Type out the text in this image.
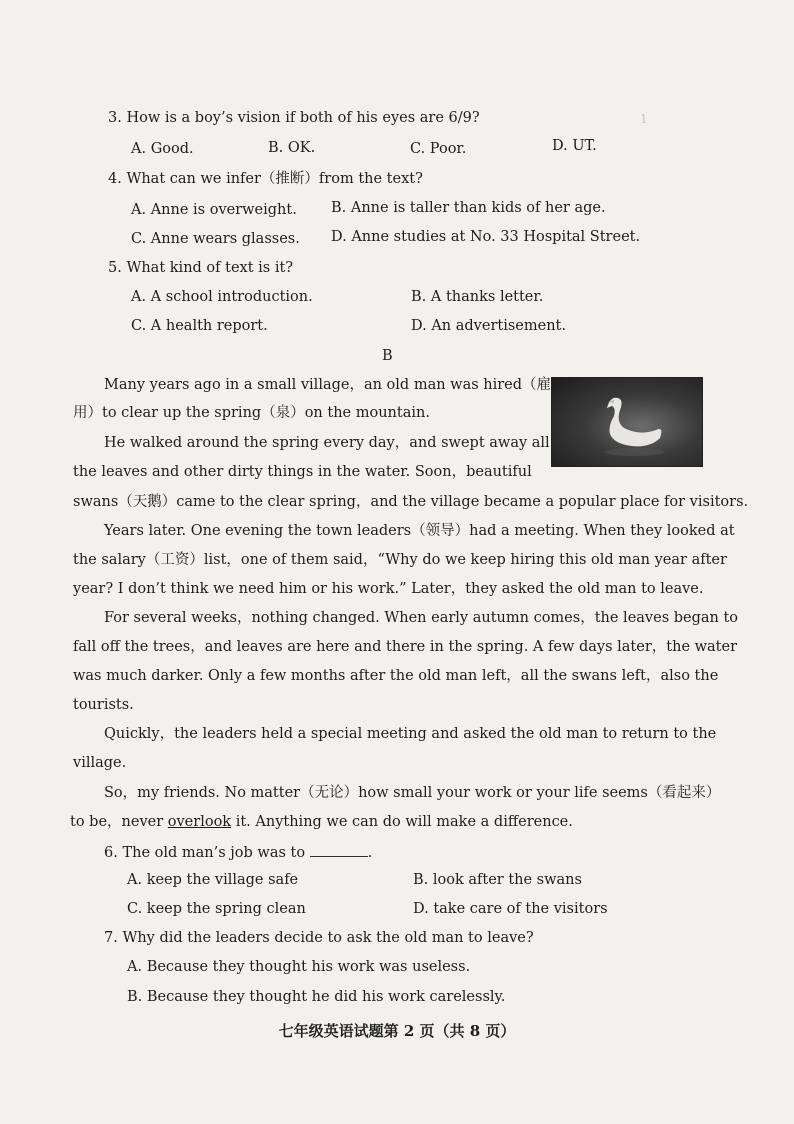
1
3. How is a boy’s vision if both of his eyes are 6/9?
A. Good.	B. OK.	C. Poor.	D. UT.
4. What can we infer（推断）from the text?
A. Anne is overweight. B. Anne is taller than kids of her age.
C. Anne wears glasses. D. Anne studies at No. 33 Hospital Street.
5. What kind of text is it?
A. A school introduction.	B. A thanks letter.
C. A health report.	D. An advertisement.
B
Many years ago in a small village，an old man was hired（雇
用）to clear up the spring（泉）on the mountain.
He walked around the spring every day，and swept away all
the leaves and other dirty things in the water. Soon，beautiful
swans（天鹅）came to the clear spring，and the village became a popular place for visitors.
Years later. One evening the town leaders（领导）had a meeting. When they looked at
the salary（工资）list，one of them said，“Why do we keep hiring this old man year after
year? I don’t think we need him or his work.” Later，they asked the old man to leave.
For several weeks，nothing changed. When early autumn comes，the leaves began to
fall off the trees，and leaves are here and there in the spring. A few days later，the water
was much darker. Only a few months after the old man left，all the swans left，also the
tourists.
Quickly，the leaders held a special meeting and asked the old man to return to the
village.
So，my friends. No matter（无论）how small your work or your life seems（看起来）
to be，never overlook it. Anything we can do will make a difference.
6. The old man’s job was to	.
A. keep the village safe	B. look after the swans
C. keep the spring clean	D. take care of the visitors
7. Why did the leaders decide to ask the old man to leave?
A. Because they thought his work was useless.
B. Because they thought he did his work carelessly.
七年级英语试题第 2 页（共 8 页）
